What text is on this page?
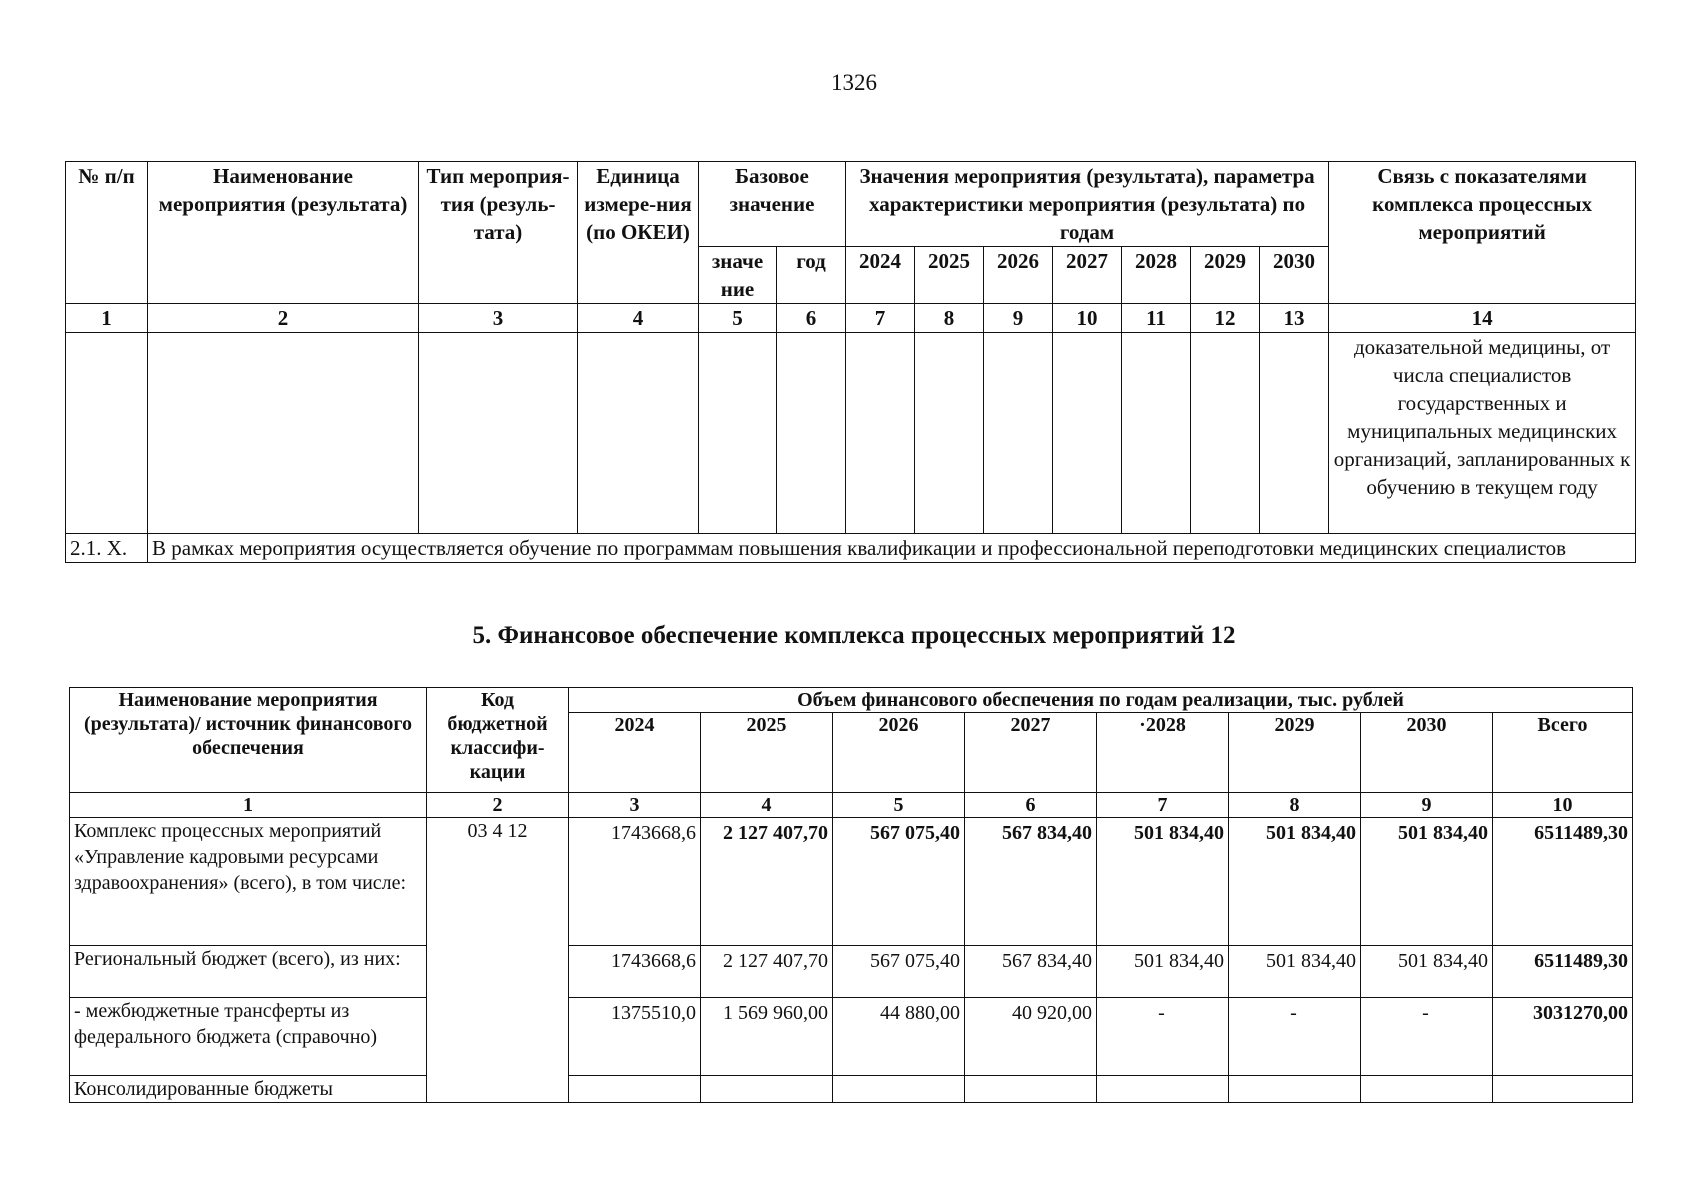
1326
№ п/п	Наименование мероприятия (результата)	Тип мероприя-тия (резуль-тата)	Единица измере-ния (по ОКЕИ)	Базовое значение		Значения мероприятия (результата), параметра характеристики мероприятия (результата) по годам							Связь с показателями комплекса процессных мероприятий
				значе ние	год	2024	2025	2026	2027	2028	2029	2030	
1	2	3	4	5	6	7	8	9	10	11	12	13	14
													доказательной медицины, от числа специалистов государственных и муниципальных медицинских организаций, запланированных к обучению в текущем году
2.1. Х.	В рамках мероприятия осуществляется обучение по программам повышения квалификации и профессиональной переподготовки медицинских специалистов												
5. Финансовое обеспечение комплекса процессных мероприятий 12
Наименование мероприятия (результата)/ источник финансового обеспечения	Код бюджетной классифи-кации	Объем финансового обеспечения по годам реализации, тыс. рублей							
		2024	2025	2026	2027	·2028	2029	2030	Всего
1	2	3	4	5	6	7	8	9	10
Комплекс процессных мероприятий «Управление кадровыми ресурсами здравоохранения» (всего), в том числе:	03 4 12	1743668,6	2 127 407,70	567 075,40	567 834,40	501 834,40	501 834,40	501 834,40	6511489,30
Региональный бюджет (всего), из них:		1743668,6	2 127 407,70	567 075,40	567 834,40	501 834,40	501 834,40	501 834,40	6511489,30
- межбюджетные трансферты из федерального бюджета (справочно)		1375510,0	1 569 960,00	44 880,00	40 920,00	-	-	-	3031270,00
Консолидированные бюджеты									
